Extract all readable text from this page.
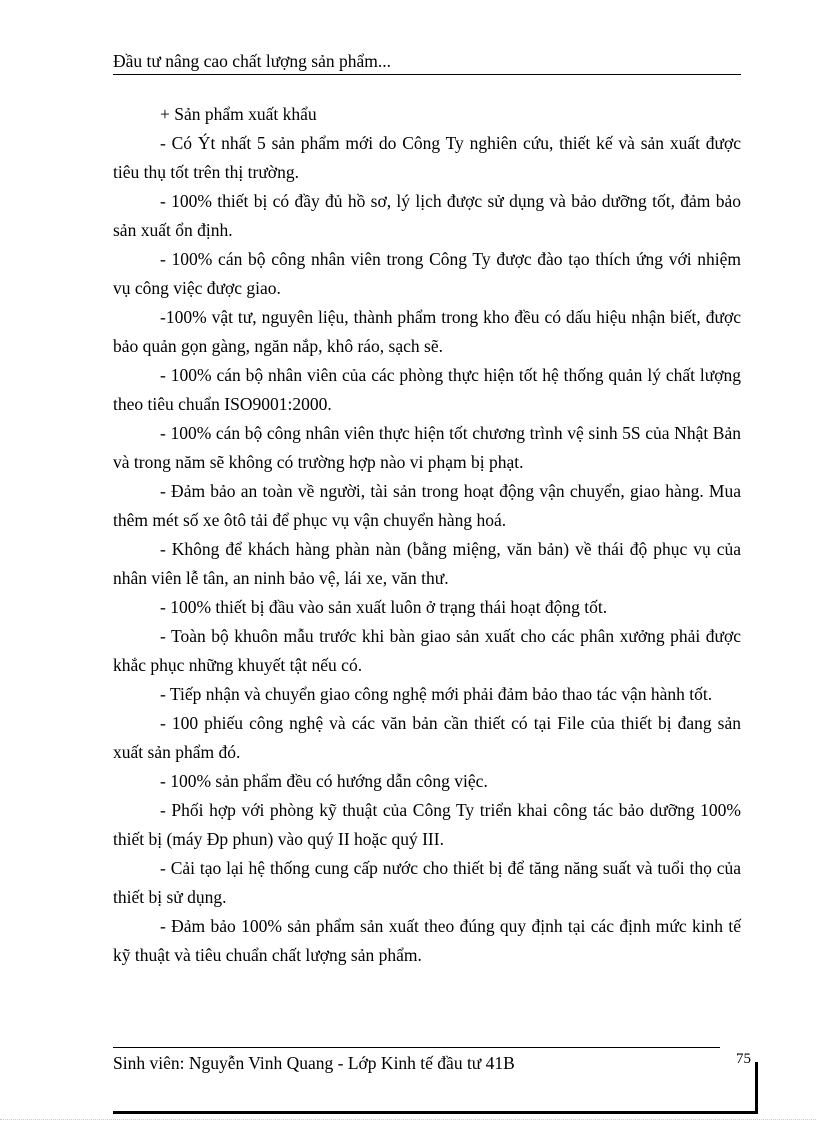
Đầu tư nâng cao chất lượng sản phẩm...

+ Sản phẩm xuất khẩu

- Có Ýt nhất 5 sản phẩm mới do Công Ty nghiên cứu, thiết kế và sản xuất được tiêu thụ tốt trên thị trường.

- 100% thiết bị có đầy đủ hồ sơ, lý lịch được sử dụng và bảo dưỡng tốt, đảm bảo sản xuất ổn định.

- 100% cán bộ công nhân viên trong Công Ty được đào tạo thích ứng với nhiệm vụ công việc được giao.

-100% vật tư, nguyên liệu, thành phẩm trong kho đều có dấu hiệu nhận biết, được bảo quản gọn gàng, ngăn nắp, khô ráo, sạch sẽ.

- 100% cán bộ nhân viên của các phòng thực hiện tốt hệ thống quản lý chất lượng theo tiêu chuẩn ISO9001:2000.

- 100% cán bộ công nhân viên thực hiện tốt chương trình vệ sinh 5S của Nhật Bản và trong năm sẽ không có trường hợp nào vi phạm bị phạt.

- Đảm bảo an toàn về người, tài sản trong hoạt động vận chuyển, giao hàng. Mua thêm mét số xe ôtô tải để phục vụ vận chuyển hàng hoá.

- Không để khách hàng phàn nàn (bằng miệng, văn bản) về thái độ phục vụ của nhân viên lễ tân, an ninh bảo vệ, lái xe, văn thư.

- 100% thiết bị đầu vào sản xuất luôn ở trạng thái hoạt động tốt.

- Toàn bộ khuôn mẫu trước khi bàn giao sản xuất cho các phân xưởng phải được khắc phục những khuyết tật nếu có.

- Tiếp nhận và chuyển giao công nghệ mới phải đảm bảo thao tác vận hành tốt.

- 100 phiếu công nghệ và các văn bản cần thiết có tại File của thiết bị đang sản xuất sản phẩm đó.

- 100% sản phẩm đều có hướng dẫn công việc.

- Phối hợp với phòng kỹ thuật của Công Ty triển khai công tác bảo dưỡng 100% thiết bị (máy Đp phun) vào quý II hoặc quý III.

- Cải tạo lại hệ thống cung cấp nước cho thiết bị để tăng năng suất và tuổi thọ của thiết bị sử dụng.

- Đảm bảo 100% sản phẩm sản xuất theo đúng quy định tại các định mức kinh tế kỹ thuật và tiêu chuẩn chất lượng sản phẩm.

Sinh viên: Nguyễn Vinh Quang - Lớp Kinh tế đầu tư 41B	75
